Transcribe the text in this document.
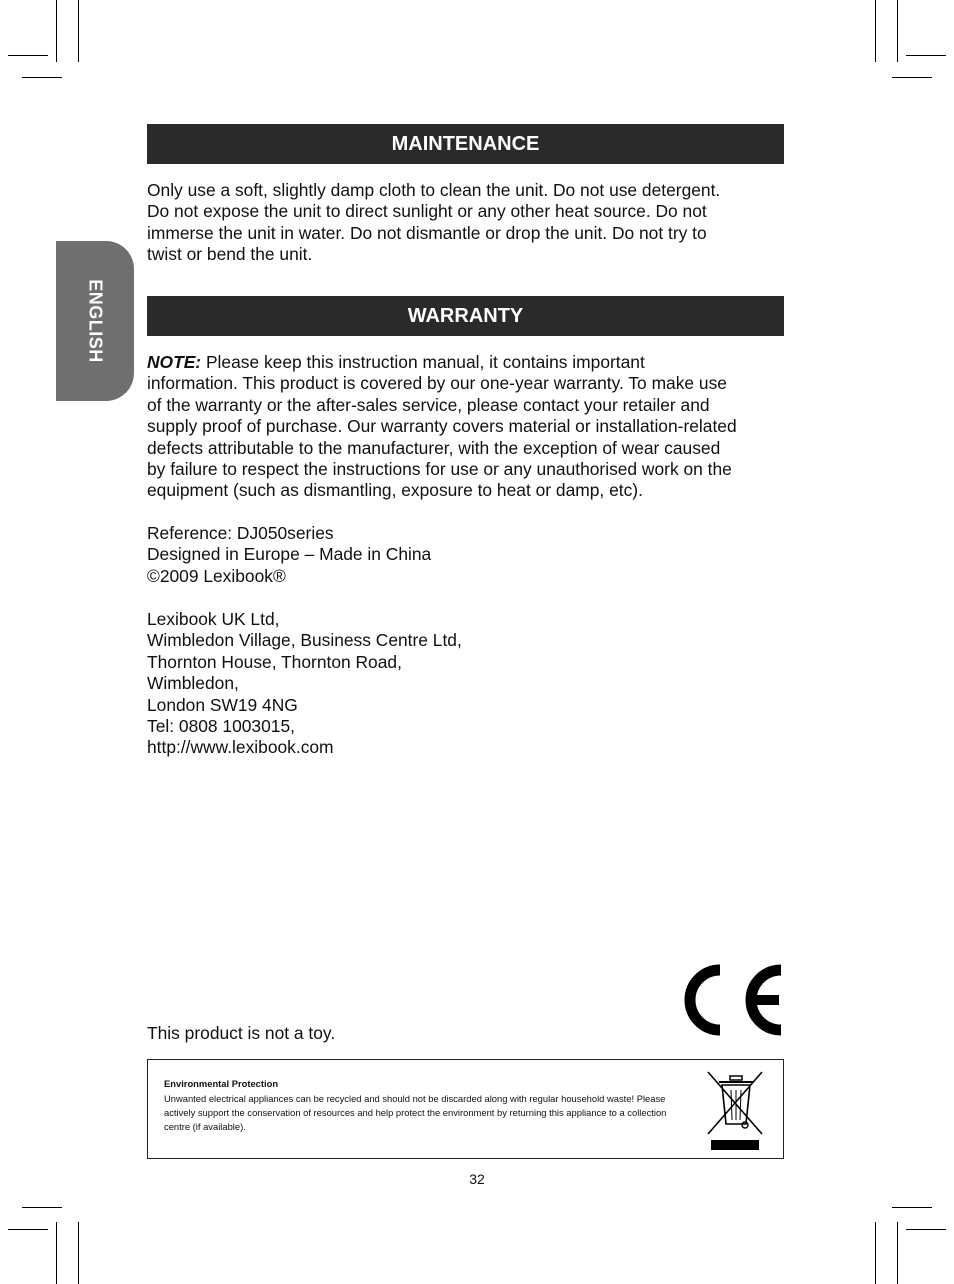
ENGLISH
MAINTENANCE

Only use a soft, slightly damp cloth to clean the unit. Do not use detergent.
Do not expose the unit to direct sunlight or any other heat source. Do not
immerse the unit in water. Do not dismantle or drop the unit. Do not try to
twist or bend the unit.

WARRANTY

NOTE: Please keep this instruction manual, it contains important
information. This product is covered by our one-year warranty. To make use
of the warranty or the after-sales service, please contact your retailer and
supply proof of purchase. Our warranty covers material or installation-related
defects attributable to the manufacturer, with the exception of wear caused
by failure to respect the instructions for use or any unauthorised work on the
equipment (such as dismantling, exposure to heat or damp, etc).

Reference: DJ050series
Designed in Europe – Made in China
©2009 Lexibook®

Lexibook UK Ltd,
Wimbledon Village, Business Centre Ltd,
Thornton House, Thornton Road,
Wimbledon,
London SW19 4NG
Tel: 0808 1003015,
http://www.lexibook.com

This product is not a toy.
Environmental Protection
Unwanted electrical appliances can be recycled and should not be discarded along with regular household waste! Please actively support the conservation of resources and help protect the environment by returning this appliance to a collection centre (if available).
32
